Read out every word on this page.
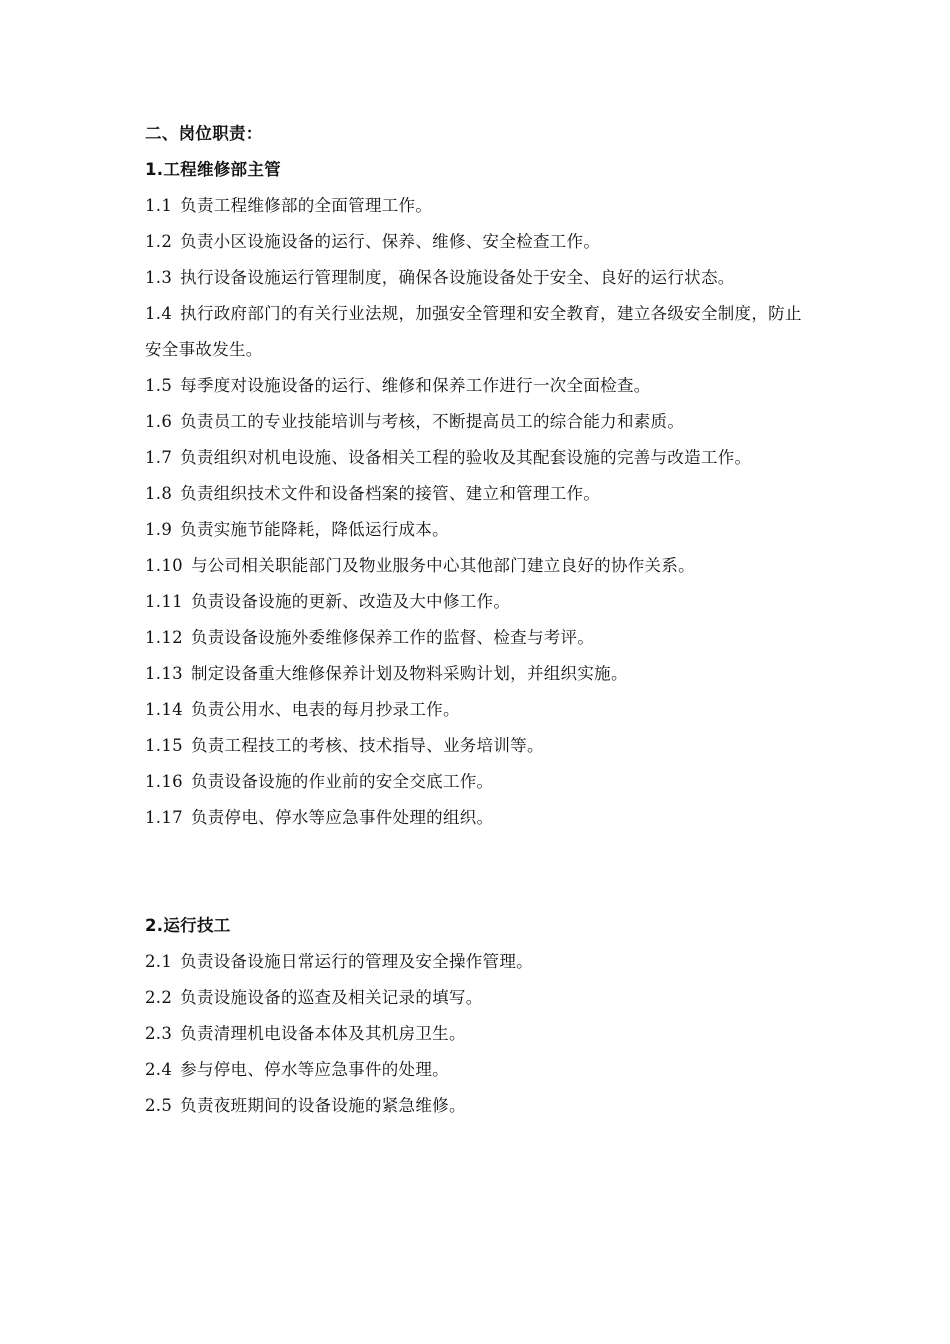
二、岗位职责：
1.工程维修部主管
1.1 负责工程维修部的全面管理工作。
1.2 负责小区设施设备的运行、保养、维修、安全检查工作。
1.3 执行设备设施运行管理制度，确保各设施设备处于安全、良好的运行状态。
1.4 执行政府部门的有关行业法规，加强安全管理和安全教育，建立各级安全制度，防止安全事故发生。
1.5 每季度对设施设备的运行、维修和保养工作进行一次全面检查。
1.6 负责员工的专业技能培训与考核，不断提高员工的综合能力和素质。
1.7 负责组织对机电设施、设备相关工程的验收及其配套设施的完善与改造工作。
1.8 负责组织技术文件和设备档案的接管、建立和管理工作。
1.9 负责实施节能降耗，降低运行成本。
1.10 与公司相关职能部门及物业服务中心其他部门建立良好的协作关系。
1.11 负责设备设施的更新、改造及大中修工作。
1.12 负责设备设施外委维修保养工作的监督、检查与考评。
1.13 制定设备重大维修保养计划及物料采购计划，并组织实施。
1.14 负责公用水、电表的每月抄录工作。
1.15 负责工程技工的考核、技术指导、业务培训等。
1.16 负责设备设施的作业前的安全交底工作。
1.17 负责停电、停水等应急事件处理的组织。
2.运行技工
2.1 负责设备设施日常运行的管理及安全操作管理。
2.2 负责设施设备的巡查及相关记录的填写。
2.3 负责清理机电设备本体及其机房卫生。
2.4 参与停电、停水等应急事件的处理。
2.5 负责夜班期间的设备设施的紧急维修。
